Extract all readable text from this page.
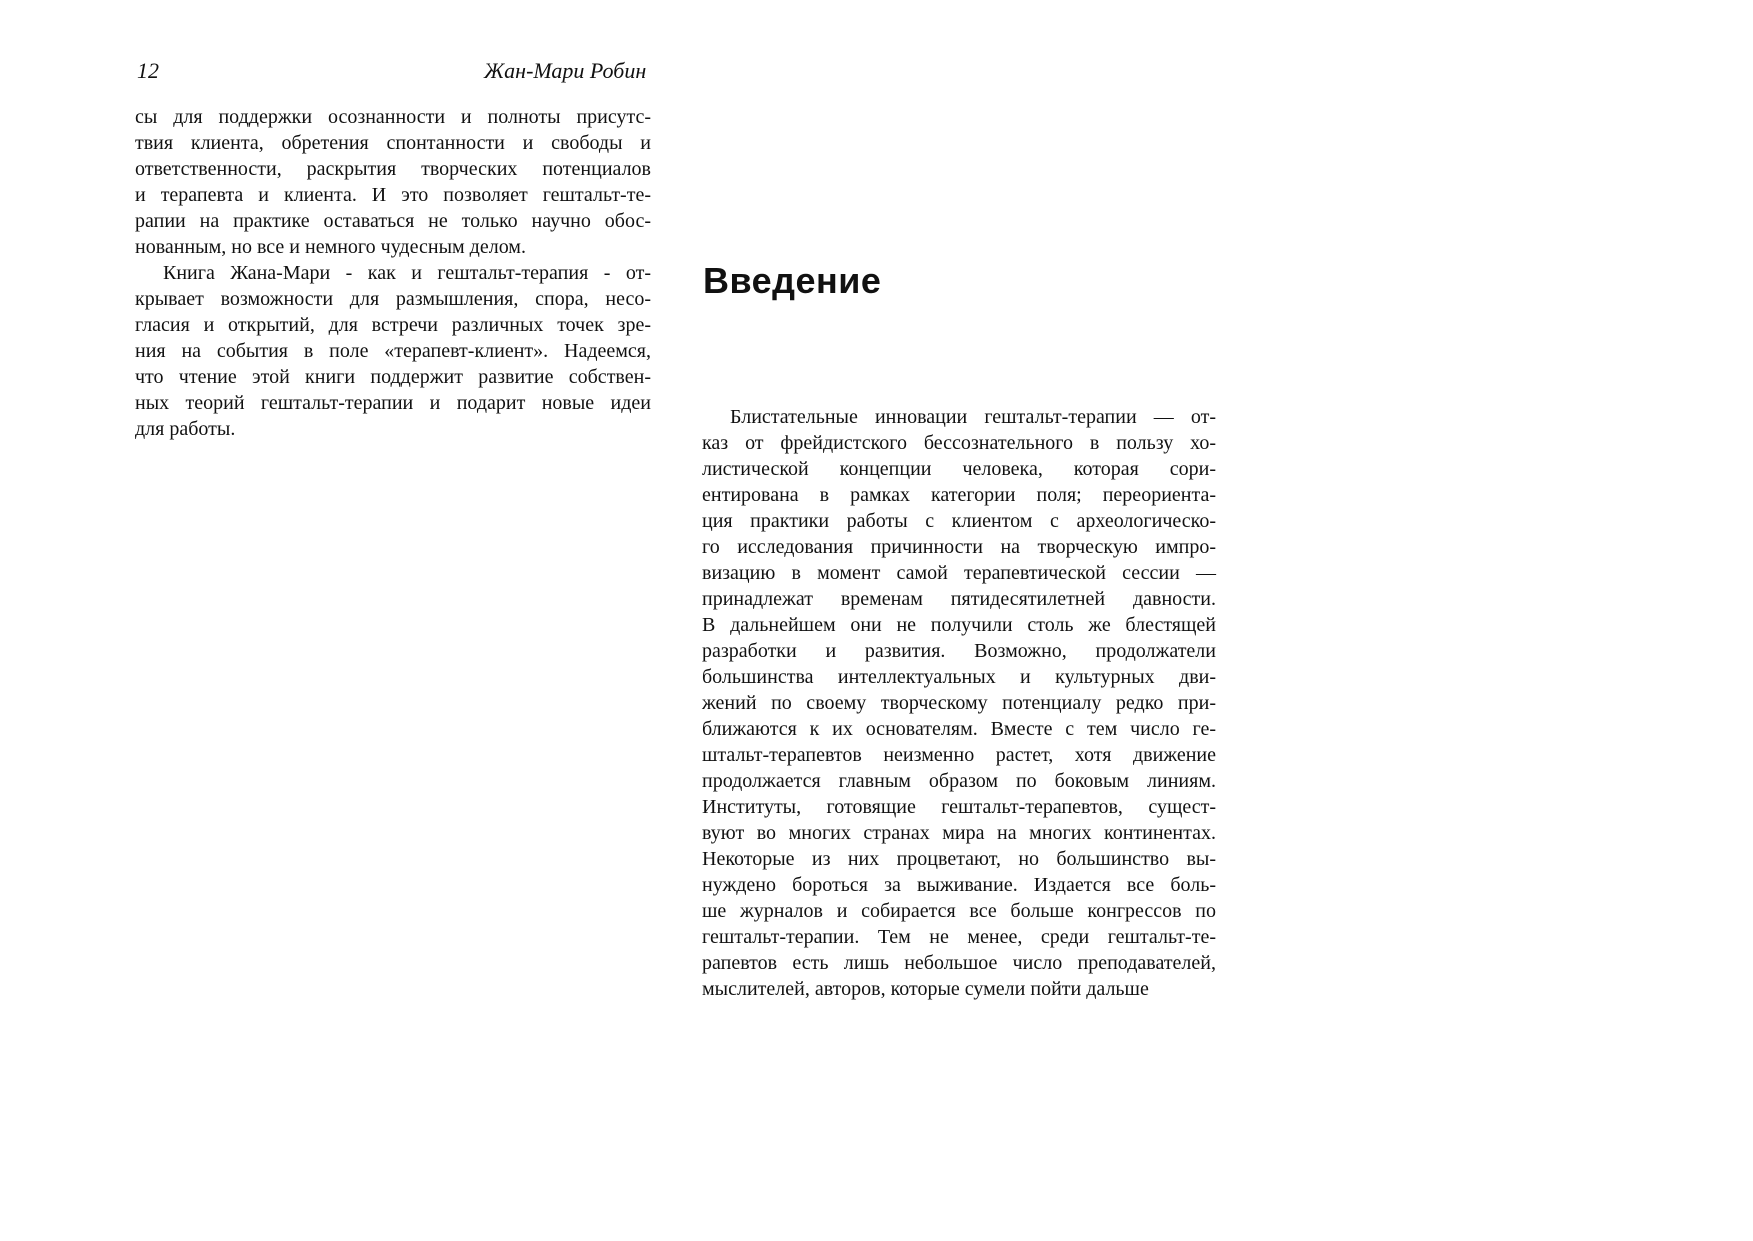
12	Жан-Мари Робин
сы для поддержки осознанности и полноты присутс-
твия клиента, обретения спонтанности и свободы и
ответственности, раскрытия творческих потенциалов
и терапевта и клиента. И это позволяет гештальт-те-
рапии на практике оставаться не только научно обос-
нованным, но все и немного чудесным делом.
Книга Жана-Мари - как и гештальт-терапия - от-
крывает возможности для размышления, спора, несо-
гласия и открытий, для встречи различных точек зре-
ния на события в поле «терапевт-клиент». Надеемся,
что чтение этой книги поддержит развитие собствен-
ных теорий гештальт-терапии и подарит новые идеи
для работы.
Введение
Блистательные инновации гештальт-терапии — от-
каз от фрейдистского бессознательного в пользу хо-
листической концепции человека, которая сори-
ентирована в рамках категории поля; переориента-
ция практики работы с клиентом с археологическо-
го исследования причинности на творческую импро-
визацию в момент самой терапевтической сессии —
принадлежат временам пятидесятилетней давности.
В дальнейшем они не получили столь же блестящей
разработки и развития. Возможно, продолжатели
большинства интеллектуальных и культурных дви-
жений по своему творческому потенциалу редко при-
ближаются к их основателям. Вместе с тем число ге-
штальт-терапевтов неизменно растет, хотя движение
продолжается главным образом по боковым линиям.
Институты, готовящие гештальт-терапевтов, сущест-
вуют во многих странах мира на многих континентах.
Некоторые из них процветают, но большинство вы-
нуждено бороться за выживание. Издается все боль-
ше журналов и собирается все больше конгрессов по
гештальт-терапии. Тем не менее, среди гештальт-те-
рапевтов есть лишь небольшое число преподавателей,
мыслителей, авторов, которые сумели пойти дальше
